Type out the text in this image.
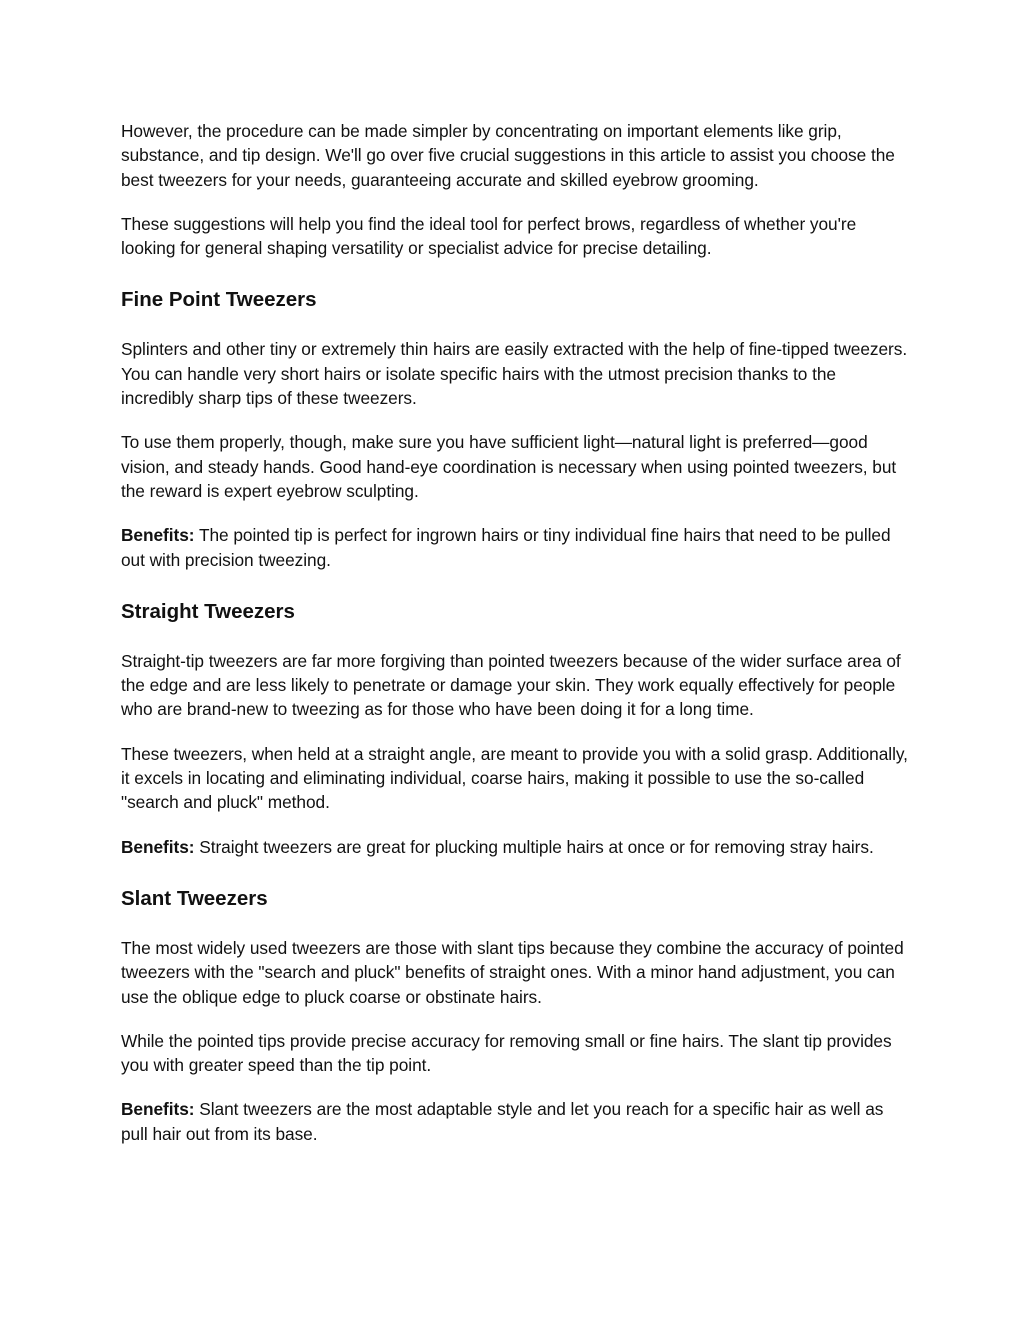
However, the procedure can be made simpler by concentrating on important elements like grip, substance, and tip design. We'll go over five crucial suggestions in this article to assist you choose the best tweezers for your needs, guaranteeing accurate and skilled eyebrow grooming.

These suggestions will help you find the ideal tool for perfect brows, regardless of whether you're looking for general shaping versatility or specialist advice for precise detailing.

Fine Point Tweezers

Splinters and other tiny or extremely thin hairs are easily extracted with the help of fine-tipped tweezers. You can handle very short hairs or isolate specific hairs with the utmost precision thanks to the incredibly sharp tips of these tweezers.

To use them properly, though, make sure you have sufficient light—natural light is preferred—good vision, and steady hands. Good hand-eye coordination is necessary when using pointed tweezers, but the reward is expert eyebrow sculpting.

Benefits: The pointed tip is perfect for ingrown hairs or tiny individual fine hairs that need to be pulled out with precision tweezing.

Straight Tweezers

Straight-tip tweezers are far more forgiving than pointed tweezers because of the wider surface area of the edge and are less likely to penetrate or damage your skin. They work equally effectively for people who are brand-new to tweezing as for those who have been doing it for a long time.

These tweezers, when held at a straight angle, are meant to provide you with a solid grasp. Additionally, it excels in locating and eliminating individual, coarse hairs, making it possible to use the so-called "search and pluck" method.

Benefits: Straight tweezers are great for plucking multiple hairs at once or for removing stray hairs.

Slant Tweezers

The most widely used tweezers are those with slant tips because they combine the accuracy of pointed tweezers with the "search and pluck" benefits of straight ones. With a minor hand adjustment, you can use the oblique edge to pluck coarse or obstinate hairs.

While the pointed tips provide precise accuracy for removing small or fine hairs. The slant tip provides you with greater speed than the tip point.

Benefits: Slant tweezers are the most adaptable style and let you reach for a specific hair as well as pull hair out from its base.
